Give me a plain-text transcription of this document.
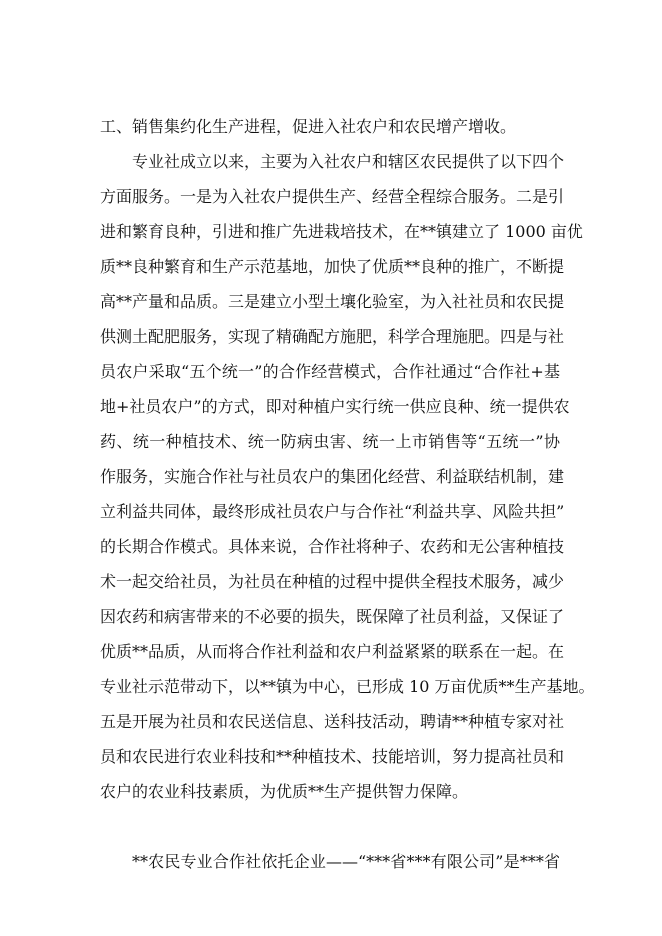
工、销售集约化生产进程，促进入社农户和农民增产增收。
专业社成立以来，主要为入社农户和辖区农民提供了以下四个
方面服务。一是为入社农户提供生产、经营全程综合服务。二是引
进和繁育良种，引进和推广先进栽培技术，在**镇建立了 1000 亩优
质**良种繁育和生产示范基地，加快了优质**良种的推广，不断提
高**产量和品质。三是建立小型土壤化验室，为入社社员和农民提
供测土配肥服务，实现了精确配方施肥，科学合理施肥。四是与社
员农户采取“五个统一”的合作经营模式，合作社通过“合作社+基
地+社员农户”的方式，即对种植户实行统一供应良种、统一提供农
药、统一种植技术、统一防病虫害、统一上市销售等“五统一”协
作服务，实施合作社与社员农户的集团化经营、利益联结机制，建
立利益共同体，最终形成社员农户与合作社“利益共享、风险共担”
的长期合作模式。具体来说，合作社将种子、农药和无公害种植技
术一起交给社员，为社员在种植的过程中提供全程技术服务，减少
因农药和病害带来的不必要的损失，既保障了社员利益，又保证了
优质**品质，从而将合作社利益和农户利益紧紧的联系在一起。在
专业社示范带动下，以**镇为中心，已形成 10 万亩优质**生产基地。
五是开展为社员和农民送信息、送科技活动，聘请**种植专家对社
员和农民进行农业科技和**种植技术、技能培训，努力提高社员和
农户的农业科技素质，为优质**生产提供智力保障。
**农民专业合作社依托企业——“***省***有限公司”是***省
